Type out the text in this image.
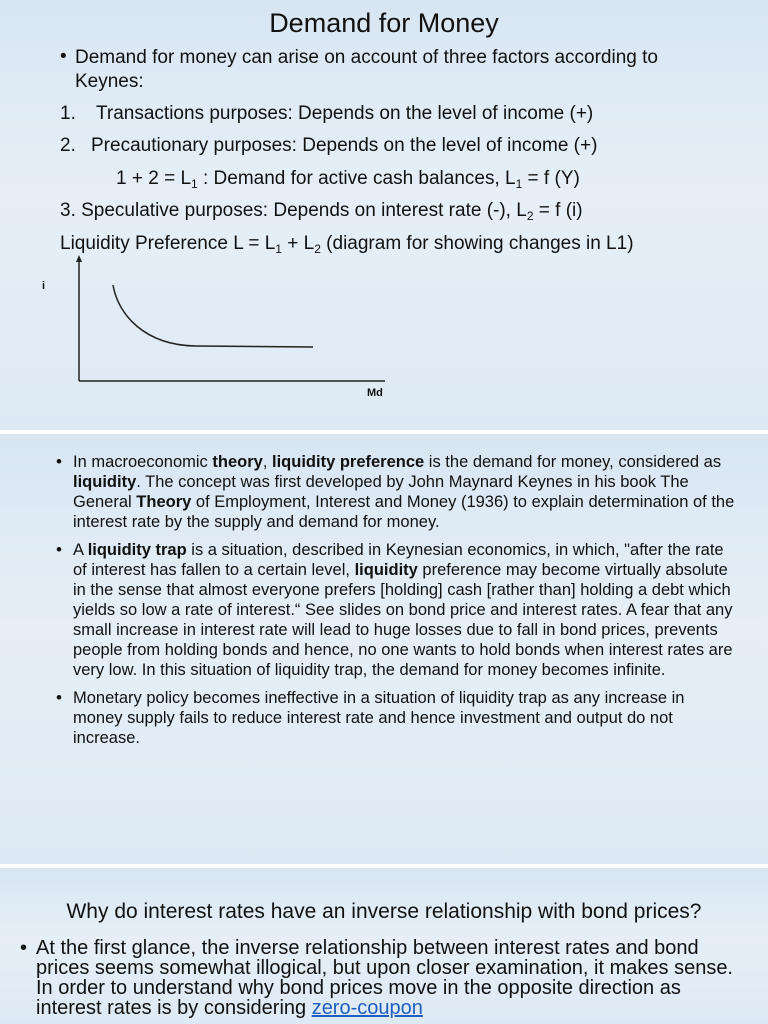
Demand for Money
• Demand for money can arise on account of three factors according to
Keynes:
1. Transactions purposes: Depends on the level of income (+)
2. Precautionary purposes: Depends on the level of income (+)
$1 + 2 = L_1$ : Demand for active cash balances, $L_1 = f$ (Y)
3. Speculative purposes: Depends on interest rate (-), $L_2 = f$ (i)
Liquidity Preference $L = L_1 + L_2$ (diagram for showing changes in L1)
i
Md
• In macroeconomic theory, liquidity preference is the demand for money, considered as liquidity. The concept was first developed by John Maynard Keynes in his book The General Theory of Employment, Interest and Money (1936) to explain determination of the interest rate by the supply and demand for money.
• A liquidity trap is a situation, described in Keynesian economics, in which, "after the rate of interest has fallen to a certain level, liquidity preference may become virtually absolute in the sense that almost everyone prefers [holding] cash [rather than] holding a debt which yields so low a rate of interest.“ See slides on bond price and interest rates. A fear that any small increase in interest rate will lead to huge losses due to fall in bond prices, prevents people from holding bonds and hence, no one wants to hold bonds when interest rates are very low. In this situation of liquidity trap, the demand for money becomes infinite.
• Monetary policy becomes ineffective in a situation of liquidity trap as any increase in money supply fails to reduce interest rate and hence investment and output do not increase.
Why do interest rates have an inverse relationship with bond prices?
• At the first glance, the inverse relationship between interest rates and bond prices seems somewhat illogical, but upon closer examination, it makes sense. In order to understand why bond prices move in the opposite direction as interest rates is by considering zero-coupon
